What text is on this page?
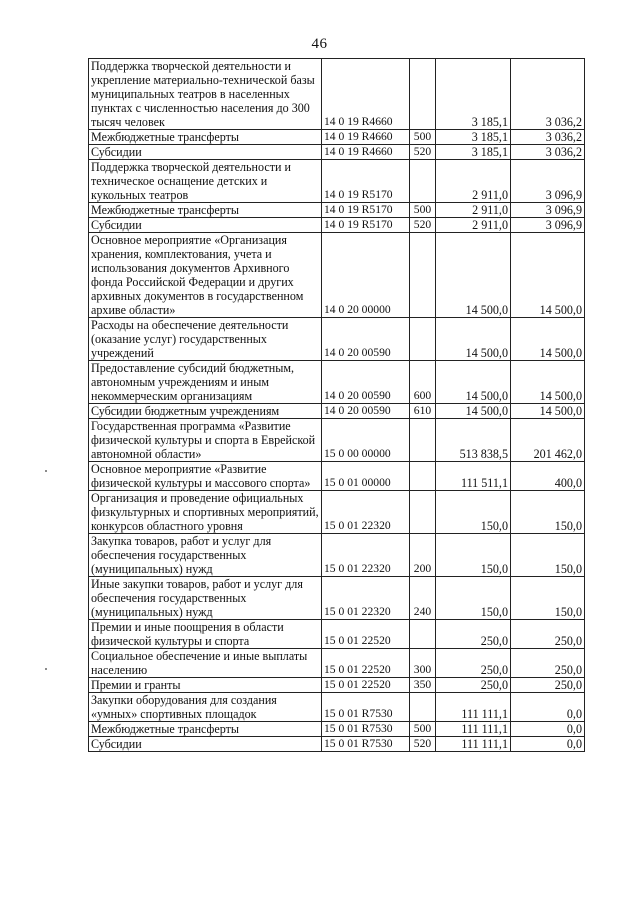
46
Поддержка творческой деятельности и укрепление материально-технической базы муниципальных театров в населенных пунктах с численностью населения до 300 тысяч человек	14 0 19 R4660		3 185,1	3 036,2
Межбюджетные трансферты	14 0 19 R4660	500	3 185,1	3 036,2
Субсидии	14 0 19 R4660	520	3 185,1	3 036,2
Поддержка творческой деятельности и техническое оснащение детских и кукольных театров	14 0 19 R5170		2 911,0	3 096,9
Межбюджетные трансферты	14 0 19 R5170	500	2 911,0	3 096,9
Субсидии	14 0 19 R5170	520	2 911,0	3 096,9
Основное мероприятие «Организация хранения, комплектования, учета и использования документов Архивного фонда Российской Федерации и других архивных документов в государственном архиве области»	14 0 20 00000		14 500,0	14 500,0
Расходы на обеспечение деятельности (оказание услуг) государственных учреждений	14 0 20 00590		14 500,0	14 500,0
Предоставление субсидий бюджетным, автономным учреждениям и иным некоммерческим организациям	14 0 20 00590	600	14 500,0	14 500,0
Субсидии бюджетным учреждениям	14 0 20 00590	610	14 500,0	14 500,0
Государственная программа «Развитие физической культуры и спорта в Еврейской автономной области»	15 0 00 00000		513 838,5	201 462,0
Основное мероприятие «Развитие физической культуры и массового спорта»	15 0 01 00000		111 511,1	400,0
Организация и проведение официальных физкультурных и спортивных мероприятий, конкурсов областного уровня	15 0 01 22320		150,0	150,0
Закупка товаров, работ и услуг для обеспечения государственных (муниципальных) нужд	15 0 01 22320	200	150,0	150,0
Иные закупки товаров, работ и услуг для обеспечения государственных (муниципальных) нужд	15 0 01 22320	240	150,0	150,0
Премии и иные поощрения в области физической культуры и спорта	15 0 01 22520		250,0	250,0
Социальное обеспечение и иные выплаты населению	15 0 01 22520	300	250,0	250,0
Премии и гранты	15 0 01 22520	350	250,0	250,0
Закупки оборудования для создания «умных» спортивных площадок	15 0 01 R7530		111 111,1	0,0
Межбюджетные трансферты	15 0 01 R7530	500	111 111,1	0,0
Субсидии	15 0 01 R7530	520	111 111,1	0,0
